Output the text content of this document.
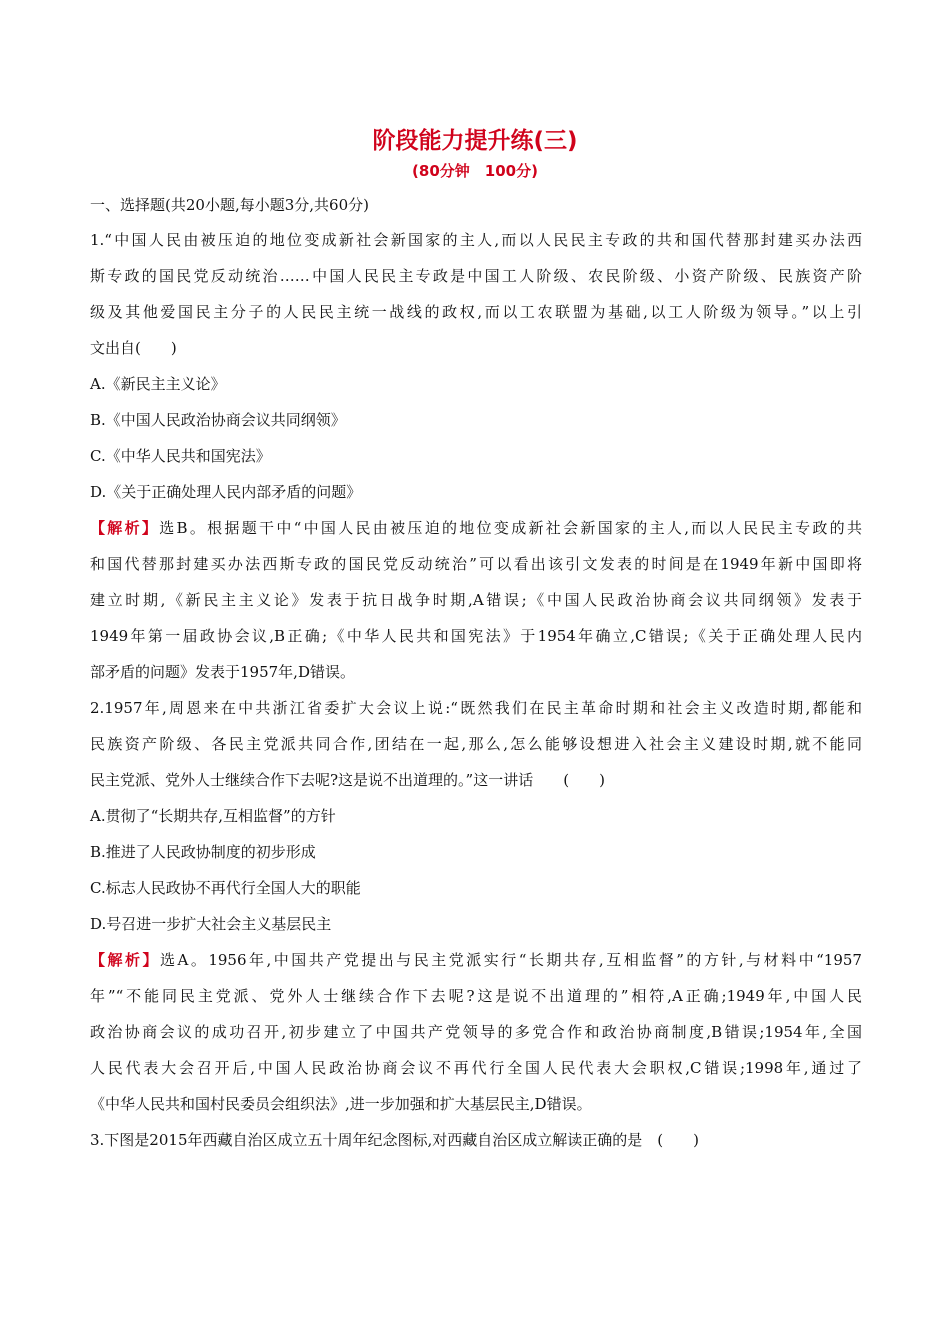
阶段能力提升练(三)
(80分钟　100分)
一、选择题(共20小题,每小题3分,共60分)
1.“中国人民由被压迫的地位变成新社会新国家的主人,而以人民民主专政的共和国代替那封建买办法西
斯专政的国民党反动统治……中国人民民主专政是中国工人阶级、农民阶级、小资产阶级、民族资产阶
级及其他爱国民主分子的人民民主统一战线的政权,而以工农联盟为基础,以工人阶级为领导。”以上引
文出自(　　)
A.《新民主主义论》
B.《中国人民政治协商会议共同纲领》
C.《中华人民共和国宪法》
D.《关于正确处理人民内部矛盾的问题》
【解析】选B。根据题干中“中国人民由被压迫的地位变成新社会新国家的主人,而以人民民主专政的共
和国代替那封建买办法西斯专政的国民党反动统治”可以看出该引文发表的时间是在1949年新中国即将
建立时期,《新民主主义论》发表于抗日战争时期,A错误;《中国人民政治协商会议共同纲领》发表于
1949年第一届政协会议,B正确;《中华人民共和国宪法》于1954年确立,C错误;《关于正确处理人民内
部矛盾的问题》发表于1957年,D错误。
2.1957年,周恩来在中共浙江省委扩大会议上说:“既然我们在民主革命时期和社会主义改造时期,都能和
民族资产阶级、各民主党派共同合作,团结在一起,那么,怎么能够设想进入社会主义建设时期,就不能同
民主党派、党外人士继续合作下去呢?这是说不出道理的。”这一讲话　　(　　)
A.贯彻了“长期共存,互相监督”的方针
B.推进了人民政协制度的初步形成
C.标志人民政协不再代行全国人大的职能
D.号召进一步扩大社会主义基层民主
【解析】选A。1956年,中国共产党提出与民主党派实行“长期共存,互相监督”的方针,与材料中“1957
年”“不能同民主党派、党外人士继续合作下去呢?这是说不出道理的”相符,A正确;1949年,中国人民
政治协商会议的成功召开,初步建立了中国共产党领导的多党合作和政治协商制度,B错误;1954年,全国
人民代表大会召开后,中国人民政治协商会议不再代行全国人民代表大会职权,C错误;1998年,通过了
《中华人民共和国村民委员会组织法》,进一步加强和扩大基层民主,D错误。
3.下图是2015年西藏自治区成立五十周年纪念图标,对西藏自治区成立解读正确的是　(　　)
